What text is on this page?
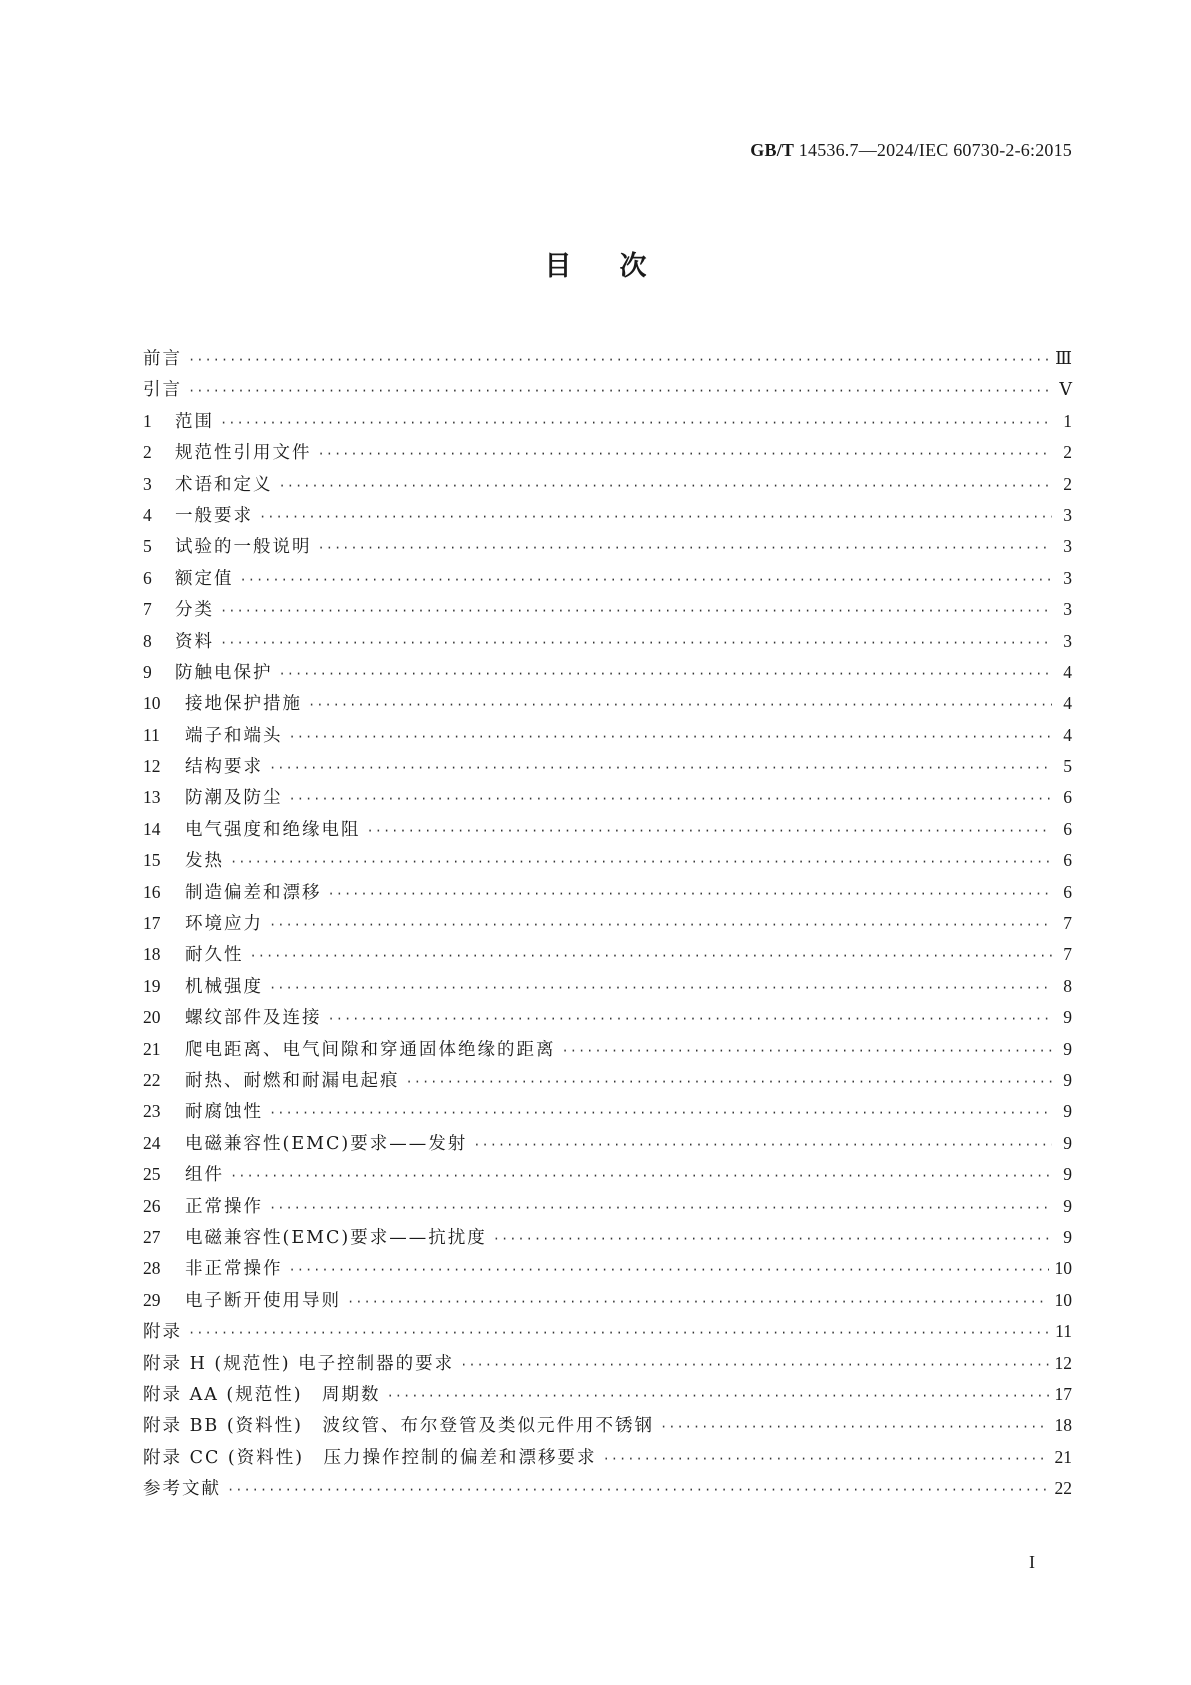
GB/T 14536.7—2024/IEC 60730-2-6:2015
目次
前言 ·····	Ⅲ
引言 ·····	Ⅴ
1	范围 ·····	1
2	规范性引用文件 ·····	2
3	术语和定义 ·····	2
4	一般要求 ·····	3
5	试验的一般说明 ·····	3
6	额定值 ·····	3
7	分类 ·····	3
8	资料 ·····	3
9	防触电保护 ·····	4
10	接地保护措施 ·····	4
11	端子和端头 ·····	4
12	结构要求 ·····	5
13	防潮及防尘 ·····	6
14	电气强度和绝缘电阻 ·····	6
15	发热 ·····	6
16	制造偏差和漂移 ·····	6
17	环境应力 ·····	7
18	耐久性 ·····	7
19	机械强度 ·····	8
20	螺纹部件及连接 ·····	9
21	爬电距离、电气间隙和穿通固体绝缘的距离 ·····	9
22	耐热、耐燃和耐漏电起痕 ·····	9
23	耐腐蚀性 ·····	9
24	电磁兼容性(EMC)要求——发射 ·····	9
25	组件 ·····	9
26	正常操作 ·····	9
27	电磁兼容性(EMC)要求——抗扰度 ·····	9
28	非正常操作 ·····	10
29	电子断开使用导则 ·····	10
附录 ·····	11
附录 H (规范性) 电子控制器的要求 ·····	12
附录 AA (规范性)　周期数 ·····	17
附录 BB (资料性)　波纹管、布尔登管及类似元件用不锈钢 ·····	18
附录 CC (资料性)　压力操作控制的偏差和漂移要求 ·····	21
参考文献 ·····	22
I
